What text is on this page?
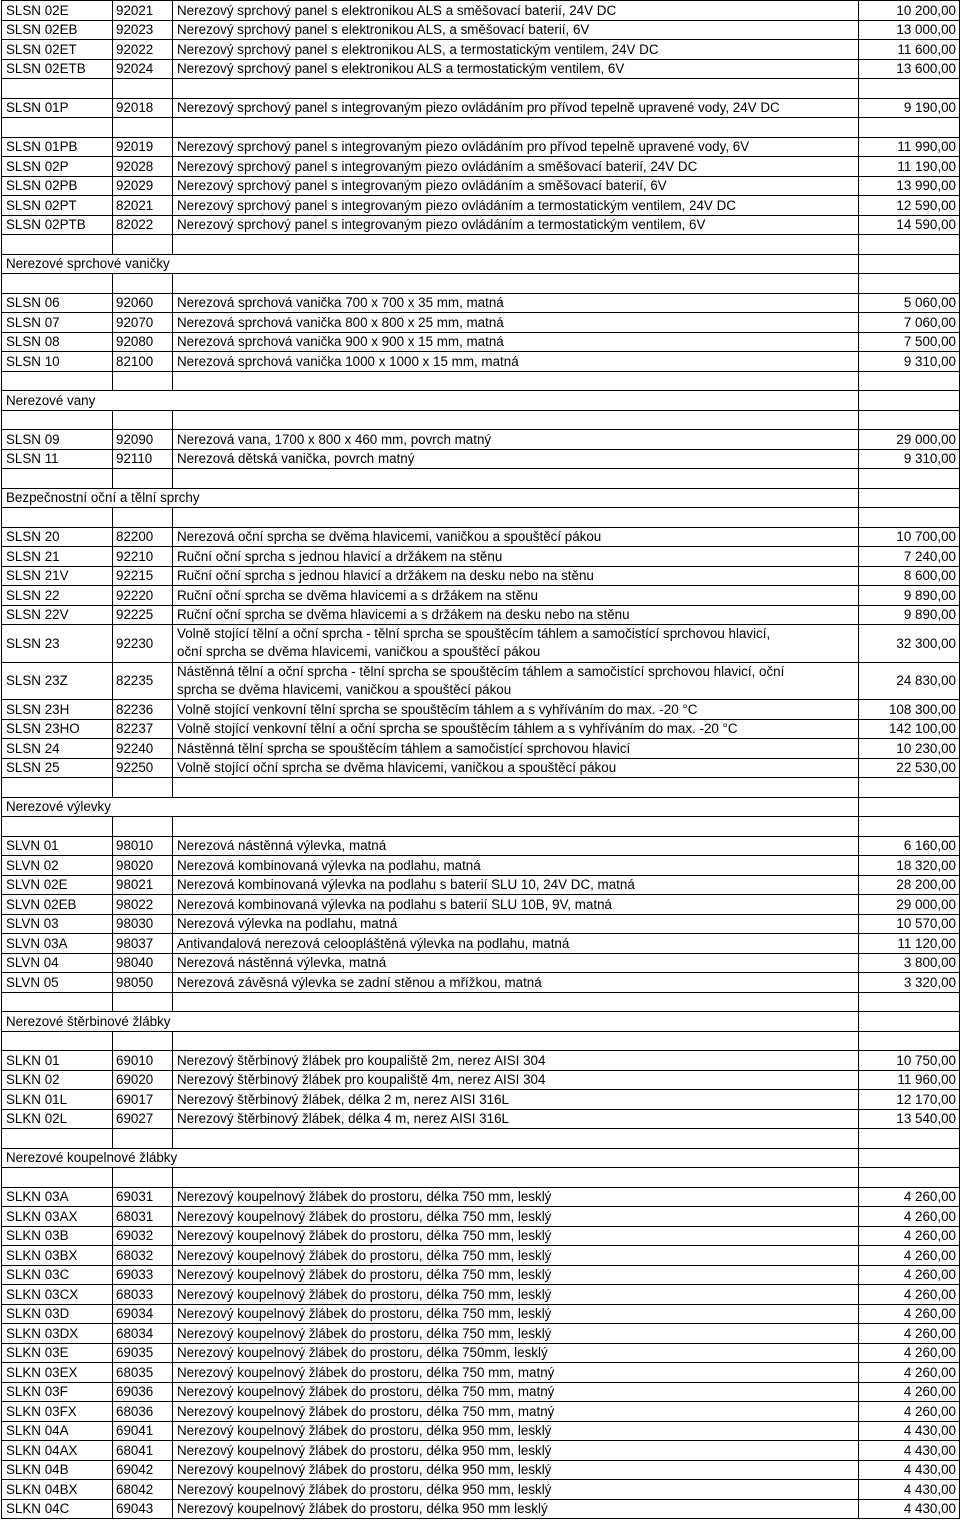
SLSN 02E	92021	Nerezový sprchový panel s elektronikou ALS a směšovací baterií, 24V DC	10 200,00
SLSN 02EB	92023	Nerezový sprchový panel s elektronikou ALS, a směšovací baterií, 6V	13 000,00
SLSN 02ET	92022	Nerezový sprchový panel s elektronikou ALS, a termostatickým ventilem, 24V DC	11 600,00
SLSN 02ETB	92024	Nerezový sprchový panel s elektronikou ALS a termostatickým ventilem, 6V	13 600,00

SLSN 01P	92018	Nerezový sprchový panel s integrovaným piezo ovládáním pro přívod tepelně upravené vody, 24V DC	9 190,00

SLSN 01PB	92019	Nerezový sprchový panel s integrovaným piezo ovládáním pro přívod tepelně upravené vody, 6V	11 990,00
SLSN 02P	92028	Nerezový sprchový panel s integrovaným piezo ovládáním a směšovací baterií, 24V DC	11 190,00
SLSN 02PB	92029	Nerezový sprchový panel s integrovaným piezo ovládáním a směšovací baterií, 6V	13 990,00
SLSN 02PT	82021	Nerezový sprchový panel s integrovaným piezo ovládáním a termostatickým ventilem, 24V DC	12 590,00
SLSN 02PTB	82022	Nerezový sprchový panel s integrovaným piezo ovládáním a termostatickým ventilem, 6V	14 590,00

Nerezové sprchové vaničky			

SLSN 06	92060	Nerezová sprchová vanička 700 x 700 x 35 mm, matná	5 060,00
SLSN 07	92070	Nerezová sprchová vanička 800 x 800 x 25 mm, matná	7 060,00
SLSN 08	92080	Nerezová sprchová vanička 900 x 900 x 15 mm, matná	7 500,00
SLSN 10	82100	Nerezová sprchová vanička 1000 x 1000 x 15 mm, matná	9 310,00

Nerezové vany			

SLSN 09	92090	Nerezová vana, 1700 x 800 x 460 mm, povrch matný	29 000,00
SLSN 11	92110	Nerezová dětská vanička, povrch matný	9 310,00

Bezpečnostní oční a tělní sprchy			

SLSN 20	82200	Nerezová oční sprcha se dvěma hlavicemi, vaničkou a spouštěcí pákou	10 700,00
SLSN 21	92210	Ruční oční sprcha s jednou hlavicí a držákem na stěnu	7 240,00
SLSN 21V	92215	Ruční oční sprcha s jednou hlavicí a držákem na desku nebo na stěnu	8 600,00
SLSN 22	92220	Ruční oční sprcha se dvěma hlavicemi a s držákem na stěnu	9 890,00
SLSN 22V	92225	Ruční oční sprcha se dvěma hlavicemi a s držákem na desku nebo na stěnu	9 890,00
SLSN 23	92230	Volně stojící tělní a oční sprcha - tělní sprcha se spouštěcím táhlem a samočistící sprchovou hlavicí,
oční sprcha se dvěma hlavicemi, vaničkou a spouštěcí pákou	32 300,00
SLSN 23Z	82235	Nástěnná tělní a oční sprcha - tělní sprcha se spouštěcím táhlem a samočistící sprchovou hlavicí, oční
sprcha se dvěma hlavicemi, vaničkou a spouštěcí pákou	24 830,00
SLSN 23H	82236	Volně stojící venkovní tělní sprcha se spouštěcím táhlem a s vyhříváním do max. -20 °C	108 300,00
SLSN 23HO	82237	Volně stojící venkovní tělní a oční sprcha se spouštěcím táhlem a s vyhříváním do max. -20 °C	142 100,00
SLSN 24	92240	Nástěnná tělní sprcha se spouštěcím táhlem a samočistící sprchovou hlavicí	10 230,00
SLSN 25	92250	Volně stojící oční sprcha se dvěma hlavicemi, vaničkou a spouštěcí pákou	22 530,00

Nerezové výlevky			

SLVN 01	98010	Nerezová nástěnná výlevka, matná	6 160,00
SLVN 02	98020	Nerezová kombinovaná výlevka na podlahu, matná	18 320,00
SLVN 02E	98021	Nerezová kombinovaná výlevka na podlahu s baterií SLU 10, 24V DC, matná	28 200,00
SLVN 02EB	98022	Nerezová kombinovaná výlevka na podlahu s baterií SLU 10B, 9V, matná	29 000,00
SLVN 03	98030	Nerezová výlevka na podlahu, matná	10 570,00
SLVN 03A	98037	Antivandalová nerezová celoopláštěná výlevka na podlahu, matná	11 120,00
SLVN 04	98040	Nerezová nástěnná výlevka, matná	3 800,00
SLVN 05	98050	Nerezová závěsná výlevka se zadní stěnou a mřížkou, matná	3 320,00

Nerezové štěrbinové žlábky			

SLKN 01	69010	Nerezový štěrbinový žlábek pro koupaliště 2m, nerez AISI 304	10 750,00
SLKN 02	69020	Nerezový štěrbinový žlábek pro koupaliště 4m, nerez AISI 304	11 960,00
SLKN 01L	69017	Nerezový štěrbinový žlábek, délka 2 m, nerez AISI 316L	12 170,00
SLKN 02L	69027	Nerezový štěrbinový žlábek, délka 4 m, nerez AISI 316L	13 540,00

Nerezové koupelnové žlábky			

SLKN 03A	69031	Nerezový koupelnový žlábek do prostoru, délka 750 mm, lesklý	4 260,00
SLKN 03AX	68031	Nerezový koupelnový žlábek do prostoru, délka 750 mm, lesklý	4 260,00
SLKN 03B	69032	Nerezový koupelnový žlábek do prostoru, délka 750 mm, lesklý	4 260,00
SLKN 03BX	68032	Nerezový koupelnový žlábek do prostoru, délka 750 mm, lesklý	4 260,00
SLKN 03C	69033	Nerezový koupelnový žlábek do prostoru, délka 750 mm, lesklý	4 260,00
SLKN 03CX	68033	Nerezový koupelnový žlábek do prostoru, délka 750 mm, lesklý	4 260,00
SLKN 03D	69034	Nerezový koupelnový žlábek do prostoru, délka 750 mm, lesklý	4 260,00
SLKN 03DX	68034	Nerezový koupelnový žlábek do prostoru, délka 750 mm, lesklý	4 260,00
SLKN 03E	69035	Nerezový koupelnový žlábek do prostoru, délka 750mm, lesklý	4 260,00
SLKN 03EX	68035	Nerezový koupelnový žlábek do prostoru, délka 750 mm, matný	4 260,00
SLKN 03F	69036	Nerezový koupelnový žlábek do prostoru, délka 750 mm, matný	4 260,00
SLKN 03FX	68036	Nerezový koupelnový žlábek do prostoru, délka 750 mm, matný	4 260,00
SLKN 04A	69041	Nerezový koupelnový žlábek do prostoru, délka 950 mm, lesklý	4 430,00
SLKN 04AX	68041	Nerezový koupelnový žlábek do prostoru, délka 950 mm, lesklý	4 430,00
SLKN 04B	69042	Nerezový koupelnový žlábek do prostoru, délka 950 mm, lesklý	4 430,00
SLKN 04BX	68042	Nerezový koupelnový žlábek do prostoru, délka 950 mm, lesklý	4 430,00
SLKN 04C	69043	Nerezový koupelnový žlábek do prostoru, délka 950 mm lesklý	4 430,00
